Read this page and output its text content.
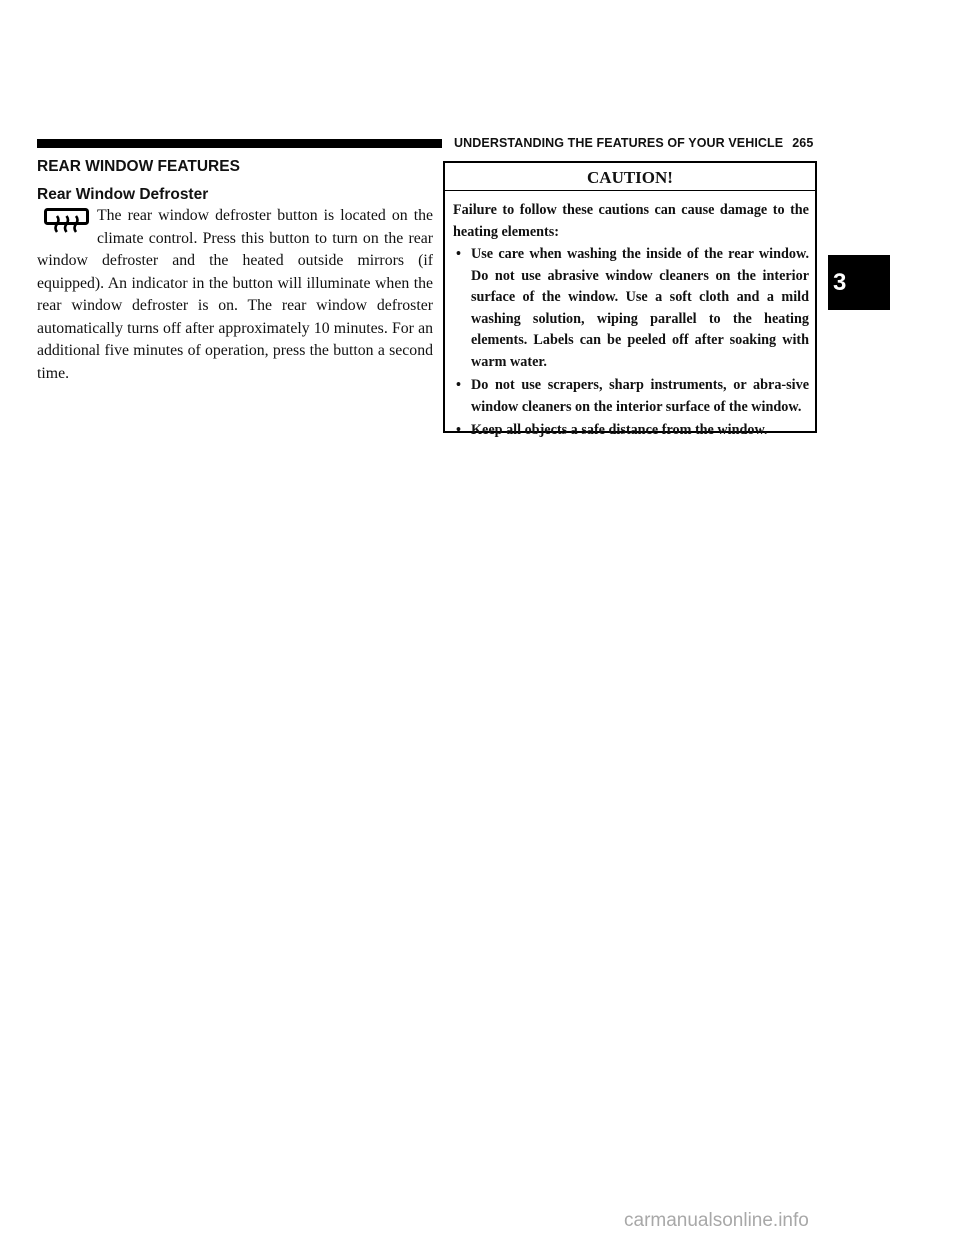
UNDERSTANDING THE FEATURES OF YOUR VEHICLE 265
REAR WINDOW FEATURES
Rear Window Defroster
The rear window defroster button is located on the climate control. Press this button to turn on the rear window defroster and the heated outside mirrors (if equipped). An indicator in the button will illuminate when the rear window defroster is on. The rear window defroster automatically turns off after approximately 10 minutes. For an additional five minutes of operation, press the button a second time.
CAUTION!

Failure to follow these cautions can cause damage to the heating elements:

• Use care when washing the inside of the rear window. Do not use abrasive window cleaners on the interior surface of the window. Use a soft cloth and a mild washing solution, wiping parallel to the heating elements. Labels can be peeled off after soaking with warm water.
• Do not use scrapers, sharp instruments, or abra-sive window cleaners on the interior surface of the window.
• Keep all objects a safe distance from the window.
3
carmanualsonline.info
